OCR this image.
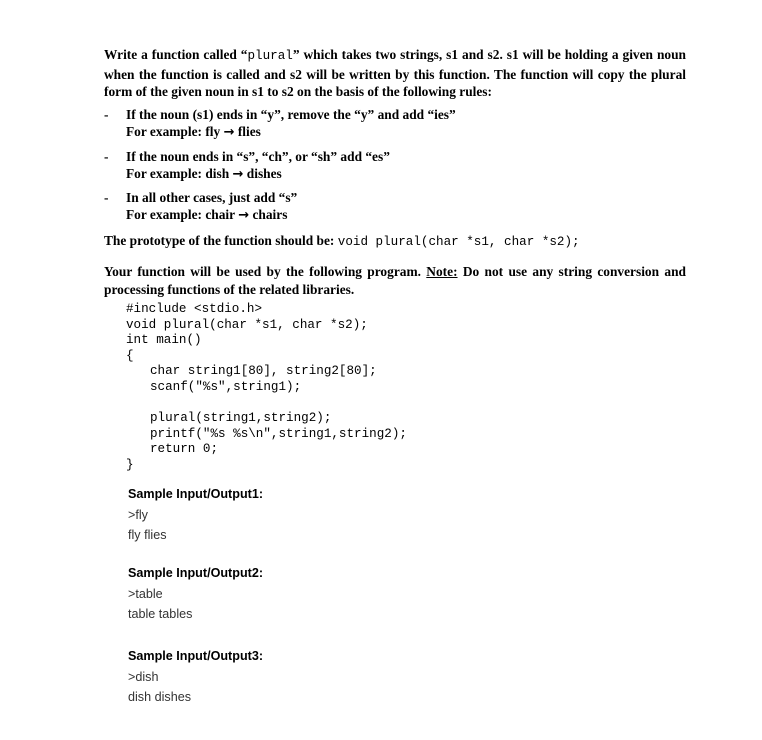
Write a function called “plural” which takes two strings, s1 and s2. s1 will be holding a given noun when the function is called and s2 will be written by this function. The function will copy the plural form of the given noun in s1 to s2 on the basis of the following rules:

- If the noun (s1) ends in “y”, remove the “y” and add “ies”
For example: fly → flies
- If the noun ends in “s”, “ch”, or “sh” add “es”
For example: dish → dishes
- In all other cases, just add “s”
For example: chair → chairs
The prototype of the function should be: void plural(char *s1, char *s2);

Your function will be used by the following program. Note: Do not use any string conversion and processing functions of the related libraries.

#include <stdio.h>
void plural(char *s1, char *s2);
int main()
{
char string1[80], string2[80];
scanf("%s",string1);
plural(string1,string2);
printf("%s %s\n",string1,string2);
return 0;
}
Sample Input/Output1:
>fly
fly flies
Sample Input/Output2:
>table
table tables
Sample Input/Output3:
>dish
dish dishes
